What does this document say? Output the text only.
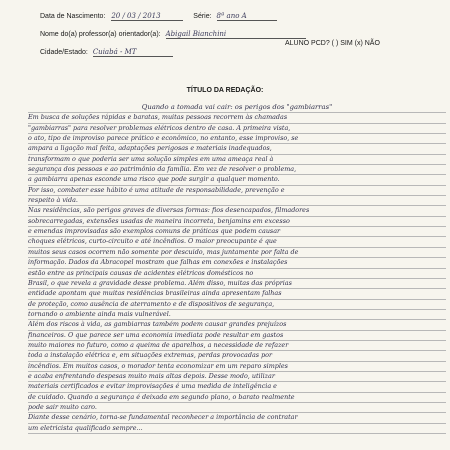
Data de Nascimento: 20 / 03 / 2013	Série: 8ª ano A
Nome do(a) professor(a) orientador(a): Abigail Bianchini
ALUNO PCD? ( ) SIM (x) NÃO
Cidade/Estado: Cuiabá - MT
TÍTULO DA REDAÇÃO:
Quando a tomada vai cair: os perigos dos "gambiarras"
Em busca de soluções rápidas e baratas, muitas pessoas recorrem às chamadas
"gambiarras" para resolver problemas elétricos dentro de casa. A primeira vista,
o ato, tipo de improviso parece prático e econômico, no entanto, esse improviso, se
ampara a ligação mal feita, adaptações perigosas e materiais inadequados,
transformam o que poderia ser uma solução simples em uma ameaça real à
segurança dos pessoas e ao patrimônio da família. Em vez de resolver o problema,
a gambiarra apenas esconde uma risco que pode surgir a qualquer momento.
Por isso, combater esse hábito é uma atitude de responsabilidade, prevenção e
respeito à vida.
Nas residências, são perigos graves de diversas formas: fios desencapados, filmadores
sobrecarregadas, extensões usadas de maneira incorreta, benjamins em excesso
e emendas improvisadas são exemplos comuns de práticas que podem causar
choques elétricos, curto-circuito e até incêndios. O maior preocupante é que
muitos seus casos ocorrem não somente por descuido, mas juntamente por falta de
informação. Dados da Abracopel mostram que falhas em conexões e instalações
estão entre as principais causas de acidentes elétricos domésticos no
Brasil, o que revela a gravidade desse problema. Além disso, muitas das próprias
entidade apontam que muitas residências brasileiras ainda apresentam falhas
de proteção, como ausência de aterramento e de dispositivos de segurança,
tornando o ambiente ainda mais vulnerável.
Além dos riscos à vida, as gambiarras também podem causar grandes prejuízos
financeiros. O que parece ser uma economia imediata pode resultar em gastos
muito maiores no futuro, como a queima de aparelhos, a necessidade de refazer
toda a instalação elétrica e, em situações extremas, perdas provocadas por
incêndios. Em muitos casos, o morador tenta economizar em um reparo simples
e acaba enfrentando despesas muito mais altas depois. Desse modo, utilizar
materiais certificados e evitar improvisações é uma medida de inteligência e
de cuidado. Quando a segurança é deixada em segundo plano, o barato realmente
pode sair muito caro.
Diante desse cenário, torna-se fundamental reconhecer a importância de contratar
um eletricista qualificado sempre...
